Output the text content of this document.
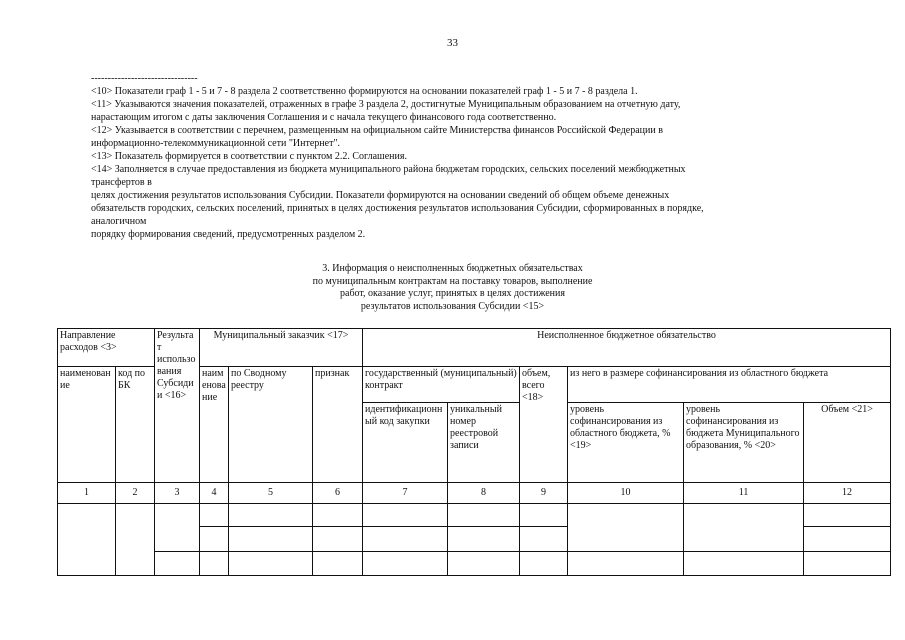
33

--------------------------------

<10> Показатели граф 1 - 5 и 7 - 8 раздела 2 соответственно формируются на основании показателей граф 1 - 5 и 7 - 8 раздела 1.

<11> Указываются значения показателей, отраженных в графе 3 раздела 2, достигнутые Муниципальным образованием на отчетную дату,

нарастающим итогом с даты заключения Соглашения и с начала текущего финансового года соответственно.

<12> Указывается в соответствии с перечнем, размещенным на официальном сайте Министерства финансов Российской Федерации в

информационно-телекоммуникационной сети "Интернет".

<13> Показатель формируется в соответствии с пунктом 2.2. Соглашения.

<14> Заполняется в случае предоставления из бюджета муниципального района бюджетам городских, сельских поселений межбюджетных

трансфертов в

целях достижения результатов использования Субсидии. Показатели формируются на основании сведений об общем объеме денежных

обязательств городских, сельских поселений, принятых в целях достижения результатов использования Субсидии, сформированных в порядке,

аналогичном

порядку формирования сведений, предусмотренных разделом 2.

3. Информация о неисполненных бюджетных обязательствах
по муниципальным контрактам на поставку товаров, выполнение
работ, оказание услуг, принятых в целях достижения
результатов использования Субсидии <15>
Направление расходов <3>		Результат использования Субсидии <16>	Муниципальный заказчик <17>			Неисполненное бюджетное обязательство					
наименование	код по БК		наименование	по Сводному реестру	признак	государственный (муниципальный) контракт		объем, всего <18>	из него в размере софинансирования из областного бюджета		
						идентификационный код закупки	уникальный номер реестровой записи		уровень софинансирования из областного бюджета, % <19>	уровень софинансирования из бюджета Муниципального образования, % <20>	Объем <21>
1	2	3	4	5	6	7	8	9	10	11	12
